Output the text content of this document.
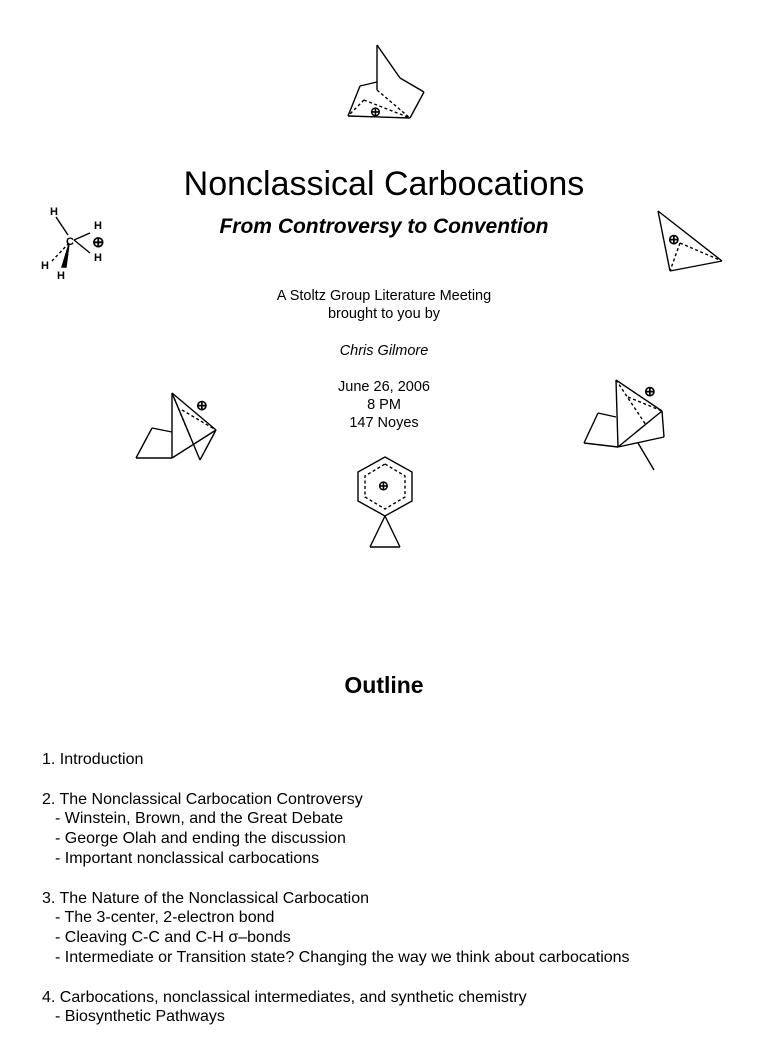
⊕
H
H
C
H
H
H
⊕	⊕
⊕
⊕
⊕
Nonclassical Carbocations
From Controversy to Convention
A Stoltz Group Literature Meeting
brought to you by
Chris Gilmore
June 26, 2006
8 PM
147 Noyes
Outline
1. Introduction
2. The Nonclassical Carbocation Controversy
- Winstein, Brown, and the Great Debate
- George Olah and ending the discussion
- Important nonclassical carbocations
3. The Nature of the Nonclassical Carbocation
- The 3-center, 2-electron bond
- Cleaving C-C and C-H σ–bonds
- Intermediate or Transition state? Changing the way we think about carbocations
4. Carbocations, nonclassical intermediates, and synthetic chemistry
- Biosynthetic Pathways
